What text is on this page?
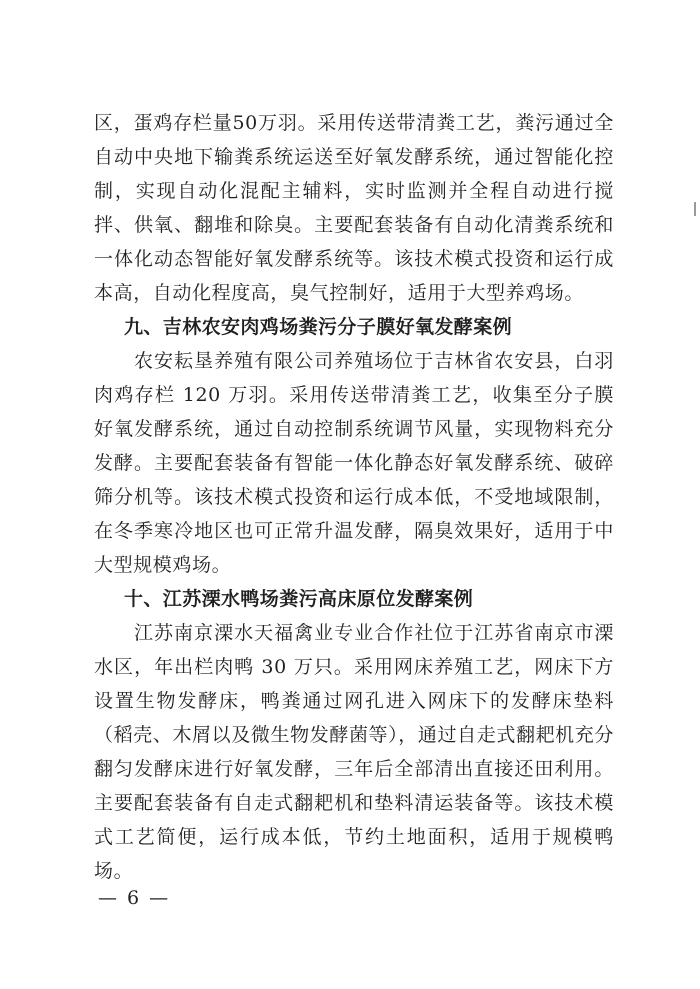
区，蛋鸡存栏量50万羽。采用传送带清粪工艺，粪污通过全自动中央地下输粪系统运送至好氧发酵系统，通过智能化控制，实现自动化混配主辅料，实时监测并全程自动进行搅拌、供氧、翻堆和除臭。主要配套装备有自动化清粪系统和一体化动态智能好氧发酵系统等。该技术模式投资和运行成本高，自动化程度高，臭气控制好，适用于大型养鸡场。

九、吉林农安肉鸡场粪污分子膜好氧发酵案例

农安耘垦养殖有限公司养殖场位于吉林省农安县，白羽肉鸡存栏 120 万羽。采用传送带清粪工艺，收集至分子膜好氧发酵系统，通过自动控制系统调节风量，实现物料充分发酵。主要配套装备有智能一体化静态好氧发酵系统、破碎筛分机等。该技术模式投资和运行成本低，不受地域限制，在冬季寒冷地区也可正常升温发酵，隔臭效果好，适用于中大型规模鸡场。

十、江苏溧水鸭场粪污高床原位发酵案例

江苏南京溧水天福禽业专业合作社位于江苏省南京市溧水区，年出栏肉鸭 30 万只。采用网床养殖工艺，网床下方设置生物发酵床，鸭粪通过网孔进入网床下的发酵床垫料（稻壳、木屑以及微生物发酵菌等），通过自走式翻耙机充分翻匀发酵床进行好氧发酵，三年后全部清出直接还田利用。主要配套装备有自走式翻耙机和垫料清运装备等。该技术模式工艺简便，运行成本低，节约土地面积，适用于规模鸭场。

— 6 —
